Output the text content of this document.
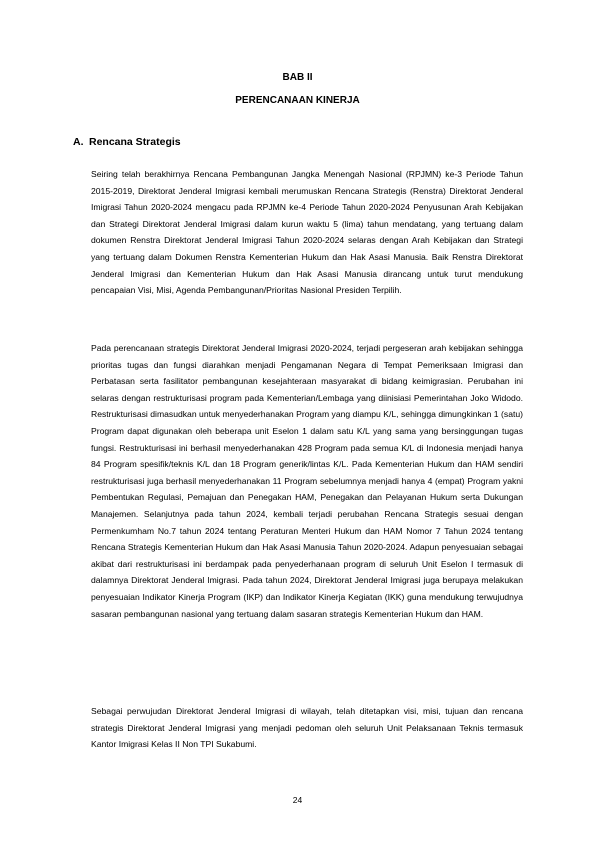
BAB II
PERENCANAAN KINERJA
A. Rencana Strategis

Seiring telah berakhirnya Rencana Pembangunan Jangka Menengah Nasional (RPJMN) ke-3 Periode Tahun 2015-2019, Direktorat Jenderal Imigrasi kembali merumuskan Rencana Strategis (Renstra) Direktorat Jenderal Imigrasi Tahun 2020-2024 mengacu pada RPJMN ke-4 Periode Tahun 2020-2024 Penyusunan Arah Kebijakan dan Strategi Direktorat Jenderal Imigrasi dalam kurun waktu 5 (lima) tahun mendatang, yang tertuang dalam dokumen Renstra Direktorat Jenderal Imigrasi Tahun 2020-2024 selaras dengan Arah Kebijakan dan Strategi yang tertuang dalam Dokumen Renstra Kementerian Hukum dan Hak Asasi Manusia. Baik Renstra Direktorat Jenderal Imigrasi dan Kementerian Hukum dan Hak Asasi Manusia dirancang untuk turut mendukung pencapaian Visi, Misi, Agenda Pembangunan/Prioritas Nasional Presiden Terpilih.

Pada perencanaan strategis Direktorat Jenderal Imigrasi 2020-2024, terjadi pergeseran arah kebijakan sehingga prioritas tugas dan fungsi diarahkan menjadi Pengamanan Negara di Tempat Pemeriksaan Imigrasi dan Perbatasan serta fasilitator pembangunan kesejahteraan masyarakat di bidang keimigrasian. Perubahan ini selaras dengan restrukturisasi program pada Kementerian/Lembaga yang diinisiasi Pemerintahan Joko Widodo. Restrukturisasi dimasudkan untuk menyederhanakan Program yang diampu K/L, sehingga dimungkinkan 1 (satu) Program dapat digunakan oleh beberapa unit Eselon 1 dalam satu K/L yang sama yang bersinggungan tugas fungsi. Restrukturisasi ini berhasil menyederhanakan 428 Program pada semua K/L di Indonesia menjadi hanya 84 Program spesifik/teknis K/L dan 18 Program generik/lintas K/L. Pada Kementerian Hukum dan HAM sendiri restrukturisasi juga berhasil menyederhanakan 11 Program sebelumnya menjadi hanya 4 (empat) Program yakni Pembentukan Regulasi, Pemajuan dan Penegakan HAM, Penegakan dan Pelayanan Hukum serta Dukungan Manajemen. Selanjutnya pada tahun 2024, kembali terjadi perubahan Rencana Strategis sesuai dengan Permenkumham No.7 tahun 2024 tentang Peraturan Menteri Hukum dan HAM Nomor 7 Tahun 2024 tentang Rencana Strategis Kementerian Hukum dan Hak Asasi Manusia Tahun 2020-2024. Adapun penyesuaian sebagai akibat dari restrukturisasi ini berdampak pada penyederhanaan program di seluruh Unit Eselon I termasuk di dalamnya Direktorat Jenderal Imigrasi. Pada tahun 2024, Direktorat Jenderal Imigrasi juga berupaya melakukan penyesuaian Indikator Kinerja Program (IKP) dan Indikator Kinerja Kegiatan (IKK) guna mendukung terwujudnya sasaran pembangunan nasional yang tertuang dalam sasaran strategis Kementerian Hukum dan HAM.

Sebagai perwujudan Direktorat Jenderal Imigrasi di wilayah, telah ditetapkan visi, misi, tujuan dan rencana strategis Direktorat Jenderal Imigrasi yang menjadi pedoman oleh seluruh Unit Pelaksanaan Teknis termasuk Kantor Imigrasi Kelas II Non TPI Sukabumi.

24
